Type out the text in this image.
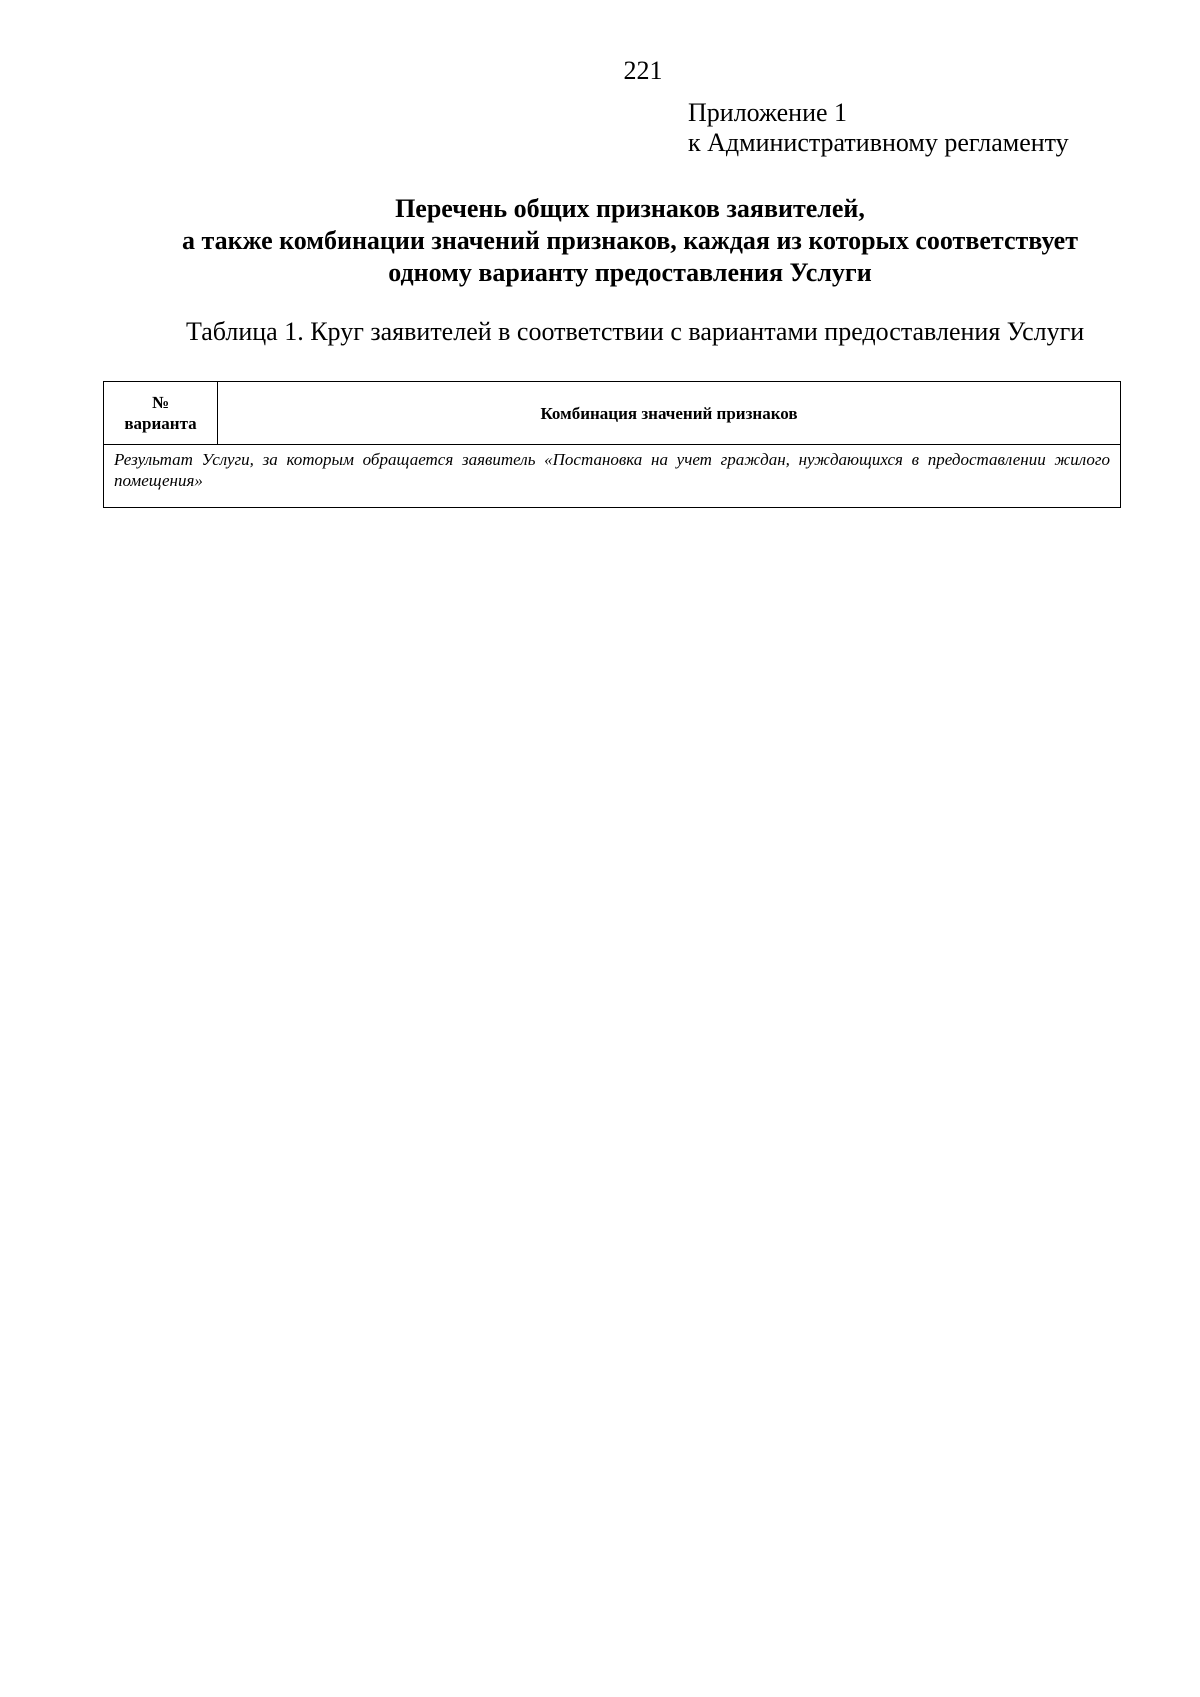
221
Приложение 1
к Административному регламенту
Перечень общих признаков заявителей,
а также комбинации значений признаков, каждая из которых соответствует
одному варианту предоставления Услуги
Таблица 1. Круг заявителей в соответствии с вариантами предоставления Услуги
№
варианта
	Комбинация значений признаков
Результат Услуги, за которым обращается заявитель «Постановка на учет граждан, нуждающихся в предоставлении жилого помещения»
